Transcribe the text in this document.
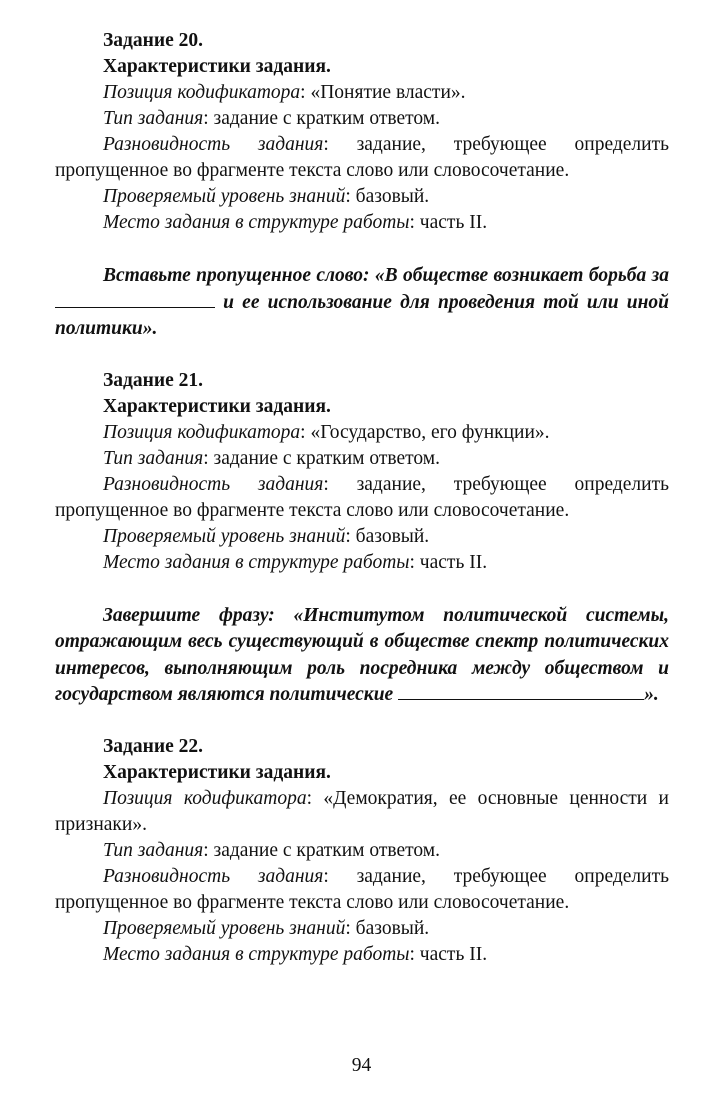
Задание 20.
Характеристики задания.
Позиция кодификатора: «Понятие власти».
Тип задания: задание с кратким ответом.
Разновидность задания: задание, требующее определить пропущенное во фрагменте текста слово или словосочетание.
Проверяемый уровень знаний: базовый.
Место задания в структуре работы: часть II.
Вставьте пропущенное слово: «В обществе возникает борьба за  и ее использование для проведения той или иной политики».
Задание 21.
Характеристики задания.
Позиция кодификатора: «Государство, его функции».
Тип задания: задание с кратким ответом.
Разновидность задания: задание, требующее определить пропущенное во фрагменте текста слово или словосочетание.
Проверяемый уровень знаний: базовый.
Место задания в структуре работы: часть II.
Завершите фразу: «Институтом политической системы, отражающим весь существующий в обществе спектр политических интересов, выполняющим роль посредника между обществом и государством являются политические	».
Задание 22.
Характеристики задания.
Позиция кодификатора: «Демократия, ее основные ценности и признаки».
Тип задания: задание с кратким ответом.
Разновидность задания: задание, требующее определить пропущенное во фрагменте текста слово или словосочетание.
Проверяемый уровень знаний: базовый.
Место задания в структуре работы: часть II.
94
